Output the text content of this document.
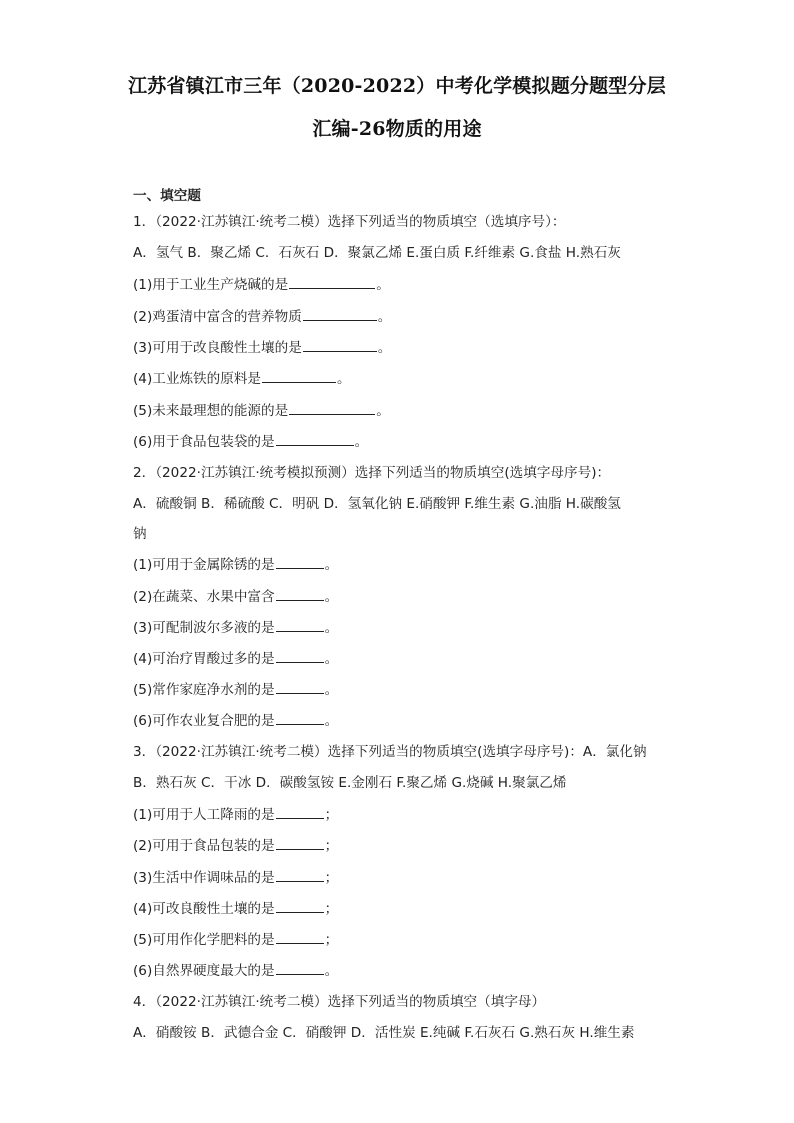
江苏省镇江市三年（2020-2022）中考化学模拟题分题型分层
汇编-26物质的用途
一、填空题
1．（2022·江苏镇江·统考二模）选择下列适当的物质填空（选填序号）：
A．氢气 B．聚乙烯 C．石灰石 D．聚氯乙烯 E.蛋白质 F.纤维素 G.食盐 H.熟石灰
(1)用于工业生产烧碱的是	。
(2)鸡蛋清中富含的营养物质	。
(3)可用于改良酸性土壤的是	。
(4)工业炼铁的原料是	。
(5)未来最理想的能源的是	。
(6)用于食品包装袋的是	。
2．（2022·江苏镇江·统考模拟预测）选择下列适当的物质填空(选填字母序号)：
A．硫酸铜 B．稀硫酸 C．明矾 D．氢氧化钠 E.硝酸钾 F.维生素 G.油脂 H.碳酸氢
钠
(1)可用于金属除锈的是	。
(2)在蔬菜、水果中富含	。
(3)可配制波尔多液的是	。
(4)可治疗胃酸过多的是	。
(5)常作家庭净水剂的是	。
(6)可作农业复合肥的是	。
3．（2022·江苏镇江·统考二模）选择下列适当的物质填空(选填字母序号)：A．氯化钠
B．熟石灰 C．干冰 D．碳酸氢铵 E.金刚石 F.聚乙烯 G.烧碱 H.聚氯乙烯
(1)可用于人工降雨的是	；
(2)可用于食品包装的是	；
(3)生活中作调味品的是	；
(4)可改良酸性土壤的是	；
(5)可用作化学肥料的是	；
(6)自然界硬度最大的是	。
4．（2022·江苏镇江·统考二模）选择下列适当的物质填空（填字母）
A．硝酸铵 B．武德合金 C．硝酸钾 D．活性炭 E.纯碱 F.石灰石 G.熟石灰 H.维生素
